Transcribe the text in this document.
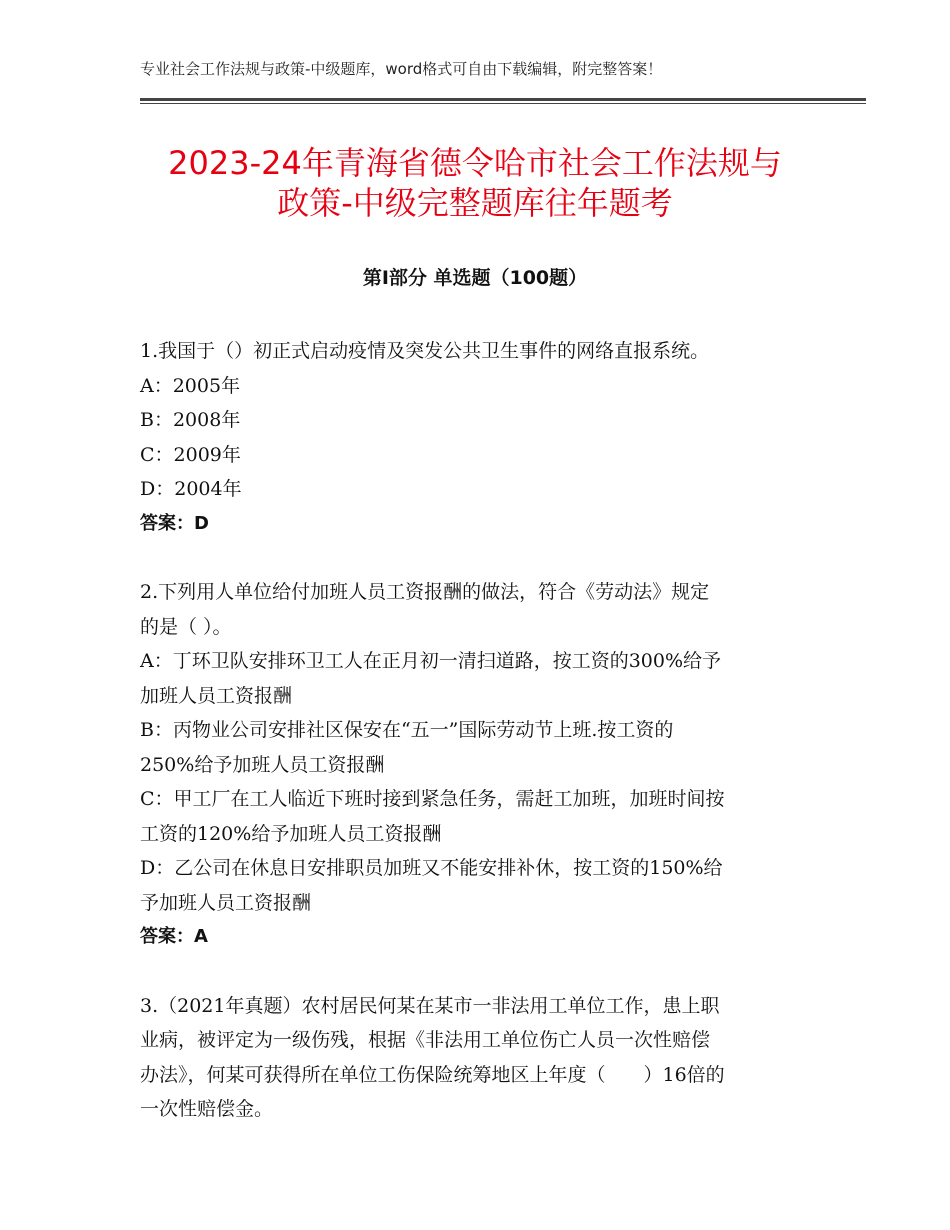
专业社会工作法规与政策-中级题库，word格式可自由下载编辑，附完整答案！
2023-24年青海省德令哈市社会工作法规与
政策-中级完整题库往年题考
第Ⅰ部分 单选题（100题）
1.我国于（）初正式启动疫情及突发公共卫生事件的网络直报系统。
A：2005年
B：2008年
C：2009年
D：2004年
答案：D
2.下列用人单位给付加班人员工资报酬的做法，符合《劳动法》规定
的是（ ）。
A：丁环卫队安排环卫工人在正月初一清扫道路，按工资的300%给予
加班人员工资报酬
B：丙物业公司安排社区保安在“五一”国际劳动节上班.按工资的
250%给予加班人员工资报酬
C：甲工厂在工人临近下班时接到紧急任务，需赶工加班，加班时间按
工资的120%给予加班人员工资报酬
D：乙公司在休息日安排职员加班又不能安排补休，按工资的150%给
予加班人员工资报酬
答案：A
3.（2021年真题）农村居民何某在某市一非法用工单位工作，患上职
业病，被评定为一级伤残，根据《非法用工单位伤亡人员一次性赔偿
办法》，何某可获得所在单位工伤保险统筹地区上年度（　　）16倍的
一次性赔偿金。
